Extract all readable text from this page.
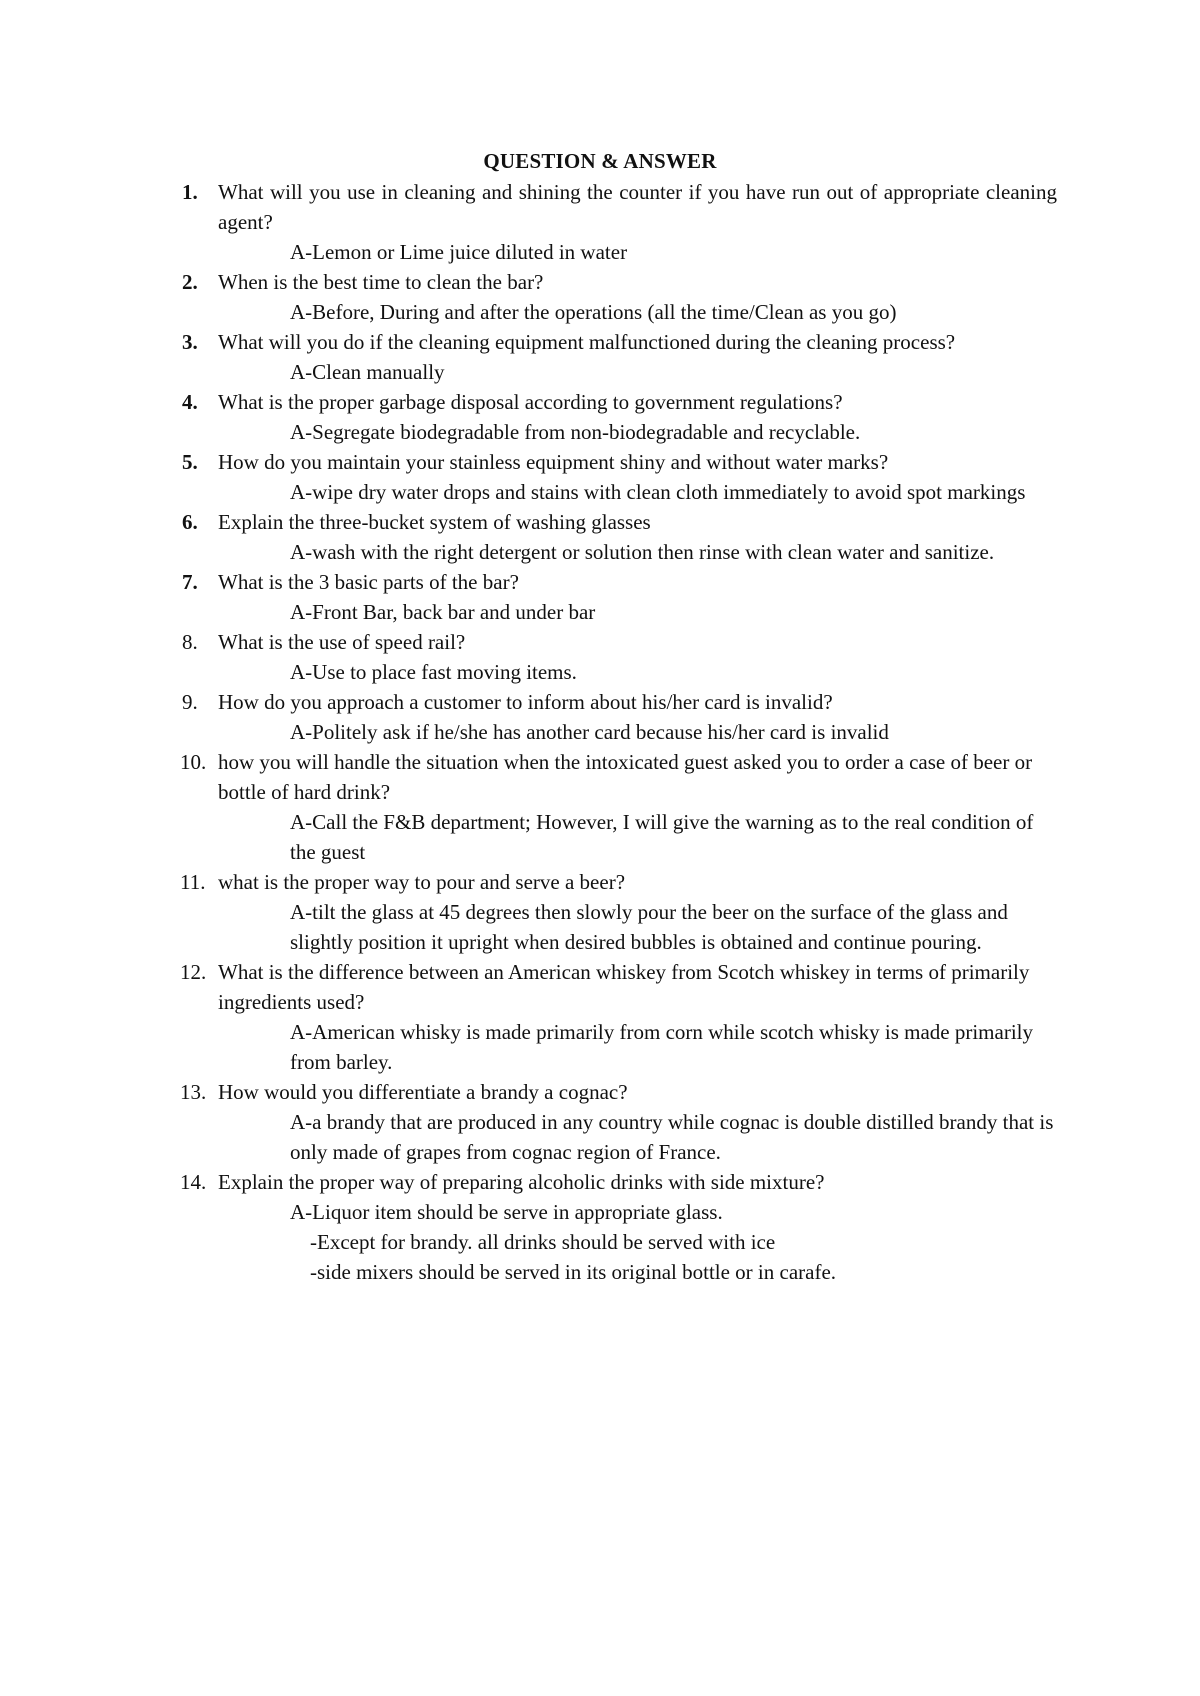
QUESTION & ANSWER
1. What will you use in cleaning and shining the counter if you have run out of appropriate cleaning agent?
A-Lemon or Lime juice diluted in water
2. When is the best time to clean the bar?
A-Before, During and after the operations (all the time/Clean as you go)
3. What will you do if the cleaning equipment malfunctioned during the cleaning process?
A-Clean manually
4. What is the proper garbage disposal according to government regulations?
A-Segregate biodegradable from non-biodegradable and recyclable.
5. How do you maintain your stainless equipment shiny and without water marks?
A-wipe dry water drops and stains with clean cloth immediately to avoid spot markings
6. Explain the three-bucket system of washing glasses
A-wash with the right detergent or solution then rinse with clean water and sanitize.
7. What is the 3 basic parts of the bar?
A-Front Bar, back bar and under bar
8. What is the use of speed rail?
A-Use to place fast moving items.
9. How do you approach a customer to inform about his/her card is invalid?
A-Politely ask if he/she has another card because his/her card is invalid
10. how you will handle the situation when the intoxicated guest asked you to order a case of beer or bottle of hard drink?
A-Call the F&B department; However, I will give the warning as to the real condition of the guest
11. what is the proper way to pour and serve a beer?
A-tilt the glass at 45 degrees then slowly pour the beer on the surface of the glass and slightly position it upright when desired bubbles is obtained and continue pouring.
12. What is the difference between an American whiskey from Scotch whiskey in terms of primarily ingredients used?
A-American whisky is made primarily from corn while scotch whisky is made primarily from barley.
13. How would you differentiate a brandy a cognac?
A-a brandy that are produced in any country while cognac is double distilled brandy that is only made of grapes from cognac region of France.
14. Explain the proper way of preparing alcoholic drinks with side mixture?
A-Liquor item should be serve in appropriate glass.
-Except for brandy. all drinks should be served with ice
-side mixers should be served in its original bottle or in carafe.
